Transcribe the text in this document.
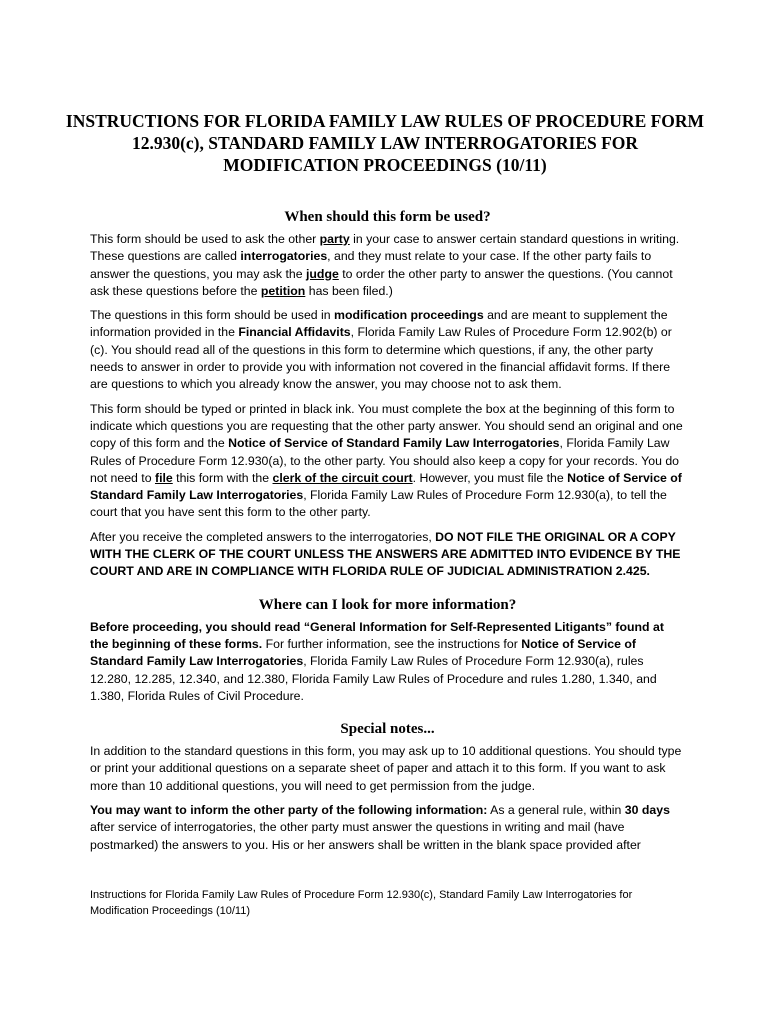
INSTRUCTIONS FOR FLORIDA FAMILY LAW RULES OF PROCEDURE FORM
12.930(c), STANDARD FAMILY LAW INTERROGATORIES FOR
MODIFICATION PROCEEDINGS (10/11)
When should this form be used?

This form should be used to ask the other party in your case to answer certain standard questions in writing. These questions are called interrogatories, and they must relate to your case. If the other party fails to answer the questions, you may ask the judge to order the other party to answer the questions. (You cannot ask these questions before the petition has been filed.)

The questions in this form should be used in modification proceedings and are meant to supplement the information provided in the Financial Affidavits, Florida Family Law Rules of Procedure Form 12.902(b) or (c). You should read all of the questions in this form to determine which questions, if any, the other party needs to answer in order to provide you with information not covered in the financial affidavit forms. If there are questions to which you already know the answer, you may choose not to ask them.

This form should be typed or printed in black ink. You must complete the box at the beginning of this form to indicate which questions you are requesting that the other party answer. You should send an original and one copy of this form and the Notice of Service of Standard Family Law Interrogatories, Florida Family Law Rules of Procedure Form 12.930(a), to the other party. You should also keep a copy for your records. You do not need to file this form with the clerk of the circuit court. However, you must file the Notice of Service of Standard Family Law Interrogatories, Florida Family Law Rules of Procedure Form 12.930(a), to tell the court that you have sent this form to the other party.

After you receive the completed answers to the interrogatories, DO NOT FILE THE ORIGINAL OR A COPY WITH THE CLERK OF THE COURT UNLESS THE ANSWERS ARE ADMITTED INTO EVIDENCE BY THE COURT AND ARE IN COMPLIANCE WITH FLORIDA RULE OF JUDICIAL ADMINISTRATION 2.425.

Where can I look for more information?

Before proceeding, you should read “General Information for Self-Represented Litigants” found at the beginning of these forms. For further information, see the instructions for Notice of Service of Standard Family Law Interrogatories, Florida Family Law Rules of Procedure Form 12.930(a), rules 12.280, 12.285, 12.340, and 12.380, Florida Family Law Rules of Procedure and rules 1.280, 1.340, and 1.380, Florida Rules of Civil Procedure.

Special notes...

In addition to the standard questions in this form, you may ask up to 10 additional questions. You should type or print your additional questions on a separate sheet of paper and attach it to this form. If you want to ask more than 10 additional questions, you will need to get permission from the judge.

You may want to inform the other party of the following information: As a general rule, within 30 days after service of interrogatories, the other party must answer the questions in writing and mail (have postmarked) the answers to you. His or her answers shall be written in the blank space provided after

Instructions for Florida Family Law Rules of Procedure Form 12.930(c), Standard Family Law Interrogatories for
Modification Proceedings (10/11)
